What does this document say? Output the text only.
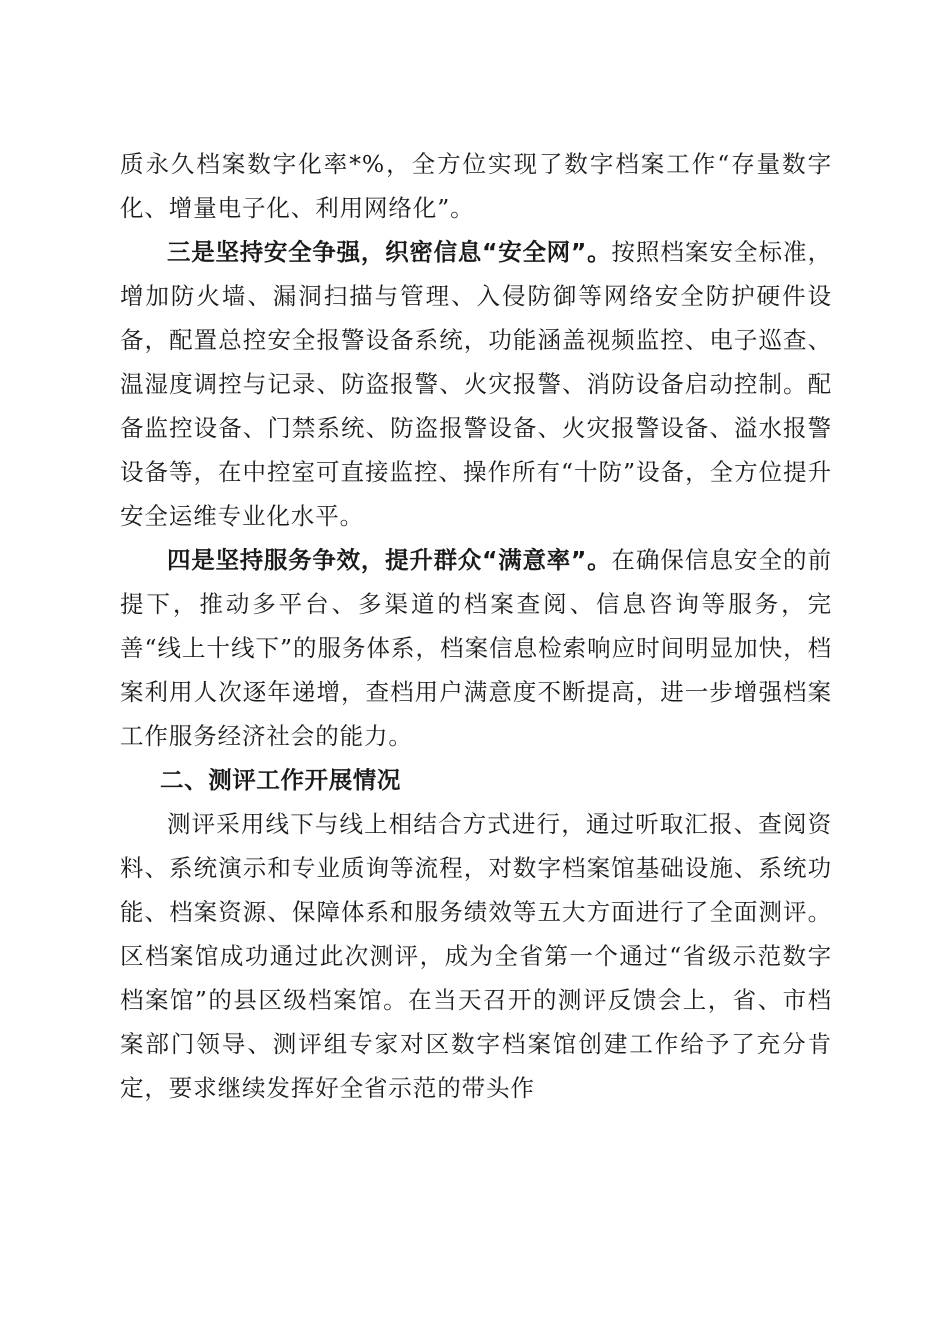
质永久档案数字化率*%，全方位实现了数字档案工作“存量数字化、增量电子化、利用网络化”。

三是坚持安全争强，织密信息“安全网”。按照档案安全标准，增加防火墙、漏洞扫描与管理、入侵防御等网络安全防护硬件设备，配置总控安全报警设备系统，功能涵盖视频监控、电子巡查、温湿度调控与记录、防盗报警、火灾报警、消防设备启动控制。配备监控设备、门禁系统、防盗报警设备、火灾报警设备、溢水报警设备等，在中控室可直接监控、操作所有“十防”设备，全方位提升安全运维专业化水平。

四是坚持服务争效，提升群众“满意率”。在确保信息安全的前提下，推动多平台、多渠道的档案查阅、信息咨询等服务，完善“线上十线下”的服务体系，档案信息检索响应时间明显加快，档案利用人次逐年递增，查档用户满意度不断提高，进一步增强档案工作服务经济社会的能力。

二、测评工作开展情况

测评采用线下与线上相结合方式进行，通过听取汇报、查阅资料、系统演示和专业质询等流程，对数字档案馆基础设施、系统功能、档案资源、保障体系和服务绩效等五大方面进行了全面测评。区档案馆成功通过此次测评，成为全省第一个通过“省级示范数字档案馆”的县区级档案馆。在当天召开的测评反馈会上，省、市档案部门领导、测评组专家对区数字档案馆创建工作给予了充分肯定，要求继续发挥好全省示范的带头作
